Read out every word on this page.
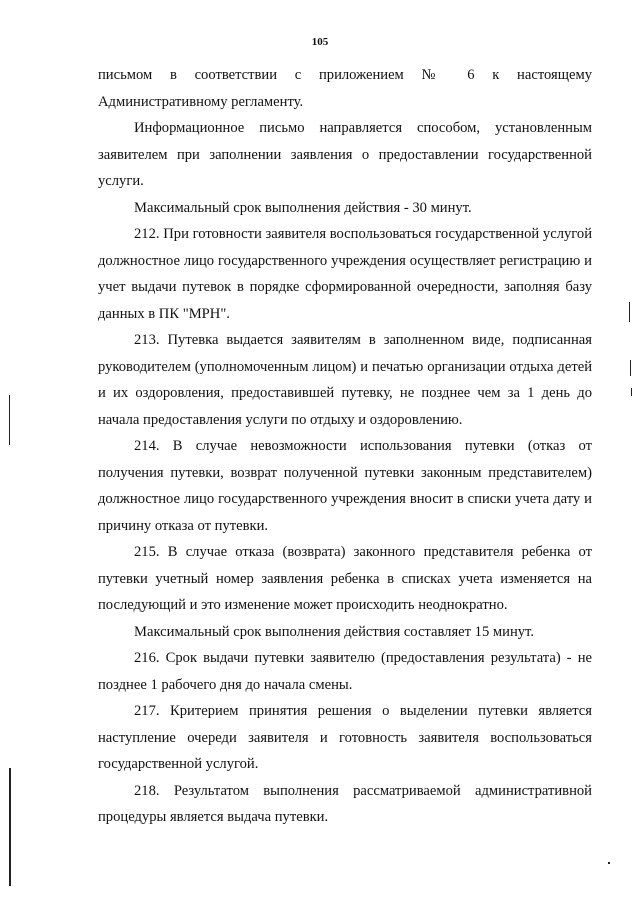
105

письмом в соответствии с приложением № 6 к настоящему Административному регламенту.

Информационное письмо направляется способом, установленным заявителем при заполнении заявления о предоставлении государственной услуги.

Максимальный срок выполнения действия - 30 минут.

212. При готовности заявителя воспользоваться государственной услугой должностное лицо государственного учреждения осуществляет регистрацию и учет выдачи путевок в порядке сформированной очередности, заполняя базу данных в ПК "МРН".

213. Путевка выдается заявителям в заполненном виде, подписанная руководителем (уполномоченным лицом) и печатью организации отдыха детей и их оздоровления, предоставившей путевку, не позднее чем за 1 день до начала предоставления услуги по отдыху и оздоровлению.

214. В случае невозможности использования путевки (отказ от получения путевки, возврат полученной путевки законным представителем) должностное лицо государственного учреждения вносит в списки учета дату и причину отказа от путевки.

215. В случае отказа (возврата) законного представителя ребенка от путевки учетный номер заявления ребенка в списках учета изменяется на последующий и это изменение может происходить неоднократно.

Максимальный срок выполнения действия составляет 15 минут.

216. Срок выдачи путевки заявителю (предоставления результата) - не позднее 1 рабочего дня до начала смены.

217. Критерием принятия решения о выделении путевки является наступление очереди заявителя и готовность заявителя воспользоваться государственной услугой.

218. Результатом выполнения рассматриваемой административной процедуры является выдача путевки.
